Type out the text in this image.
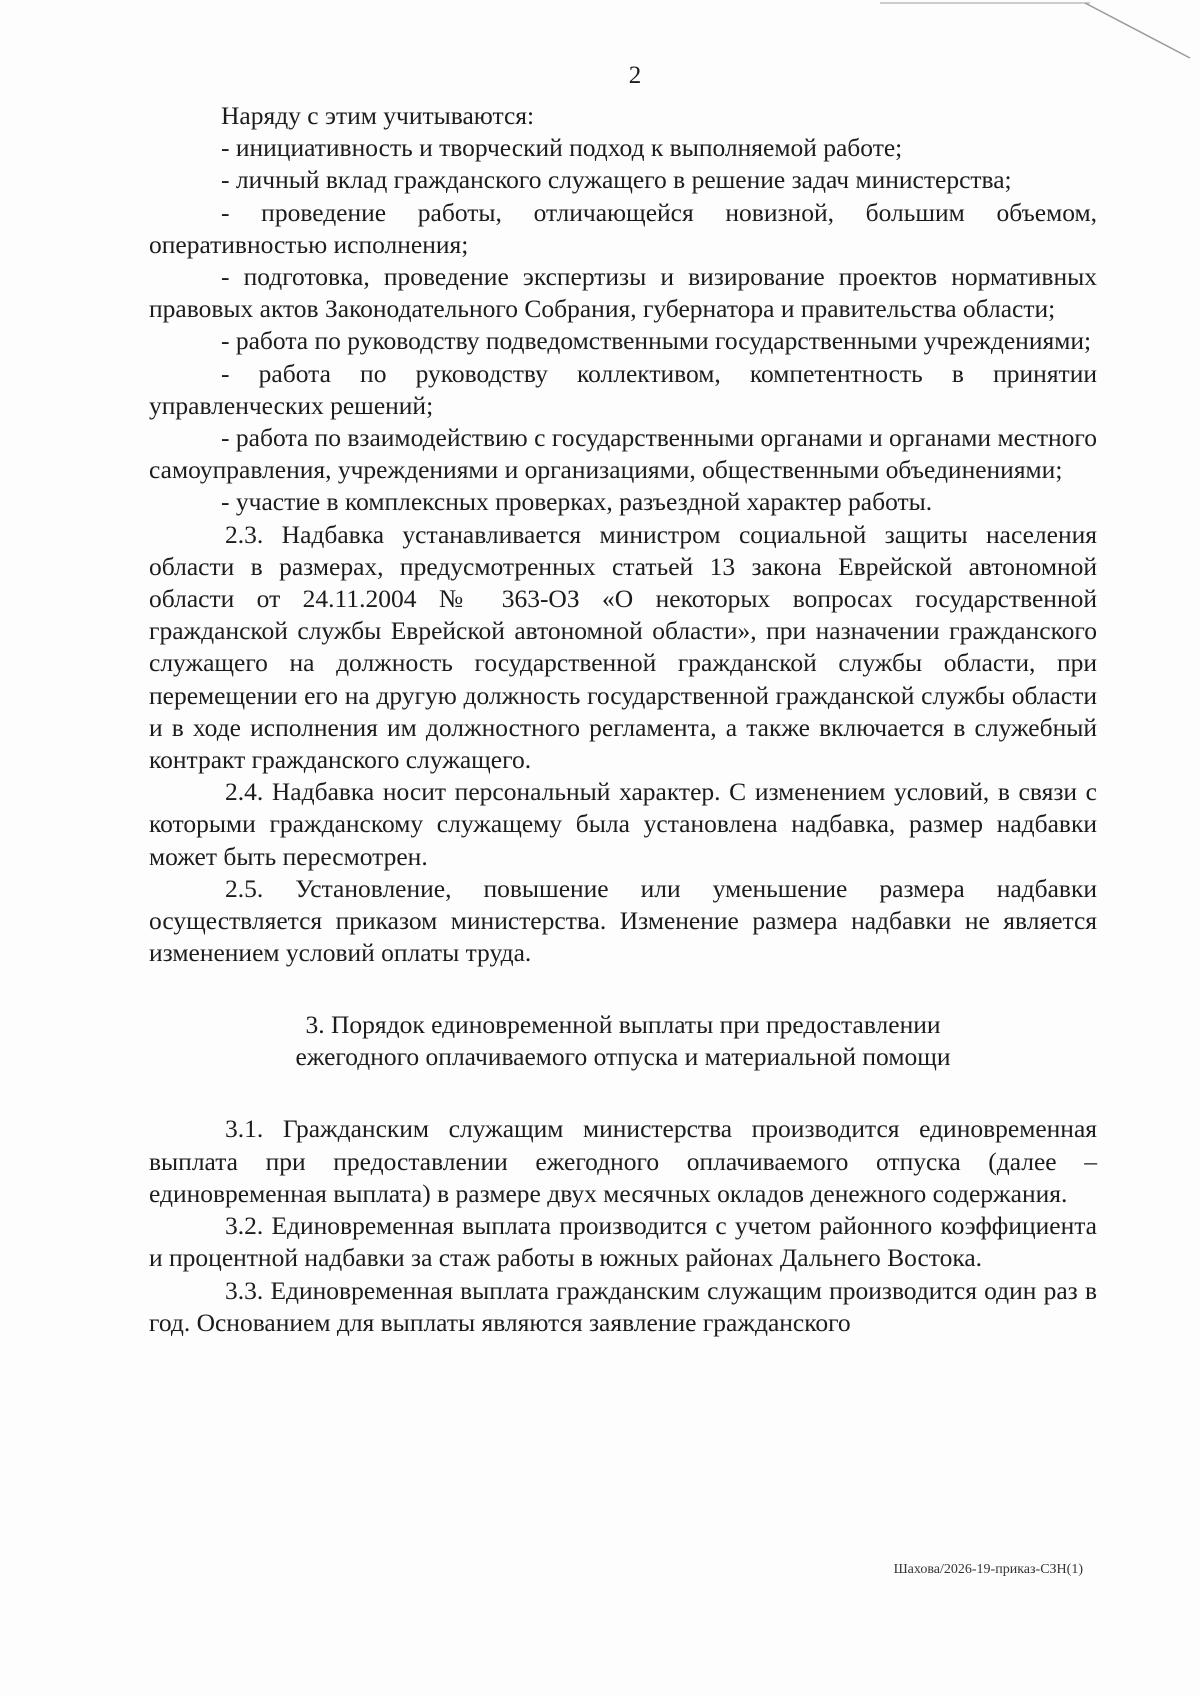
2

Наряду с этим учитываются:

- инициативность и творческий подход к выполняемой работе;

- личный вклад гражданского служащего в решение задач министерства;

- проведение работы, отличающейся новизной, большим объемом, оперативностью исполнения;

- подготовка, проведение экспертизы и визирование проектов нормативных правовых актов Законодательного Собрания, губернатора и правительства области;

- работа по руководству подведомственными государственными учреждениями;

- работа по руководству коллективом, компетентность в принятии управленческих решений;

- работа по взаимодействию с государственными органами и органами местного самоуправления, учреждениями и организациями, общественными объединениями;

- участие в комплексных проверках, разъездной характер работы.

2.3. Надбавка устанавливается министром социальной защиты населения области в размерах, предусмотренных статьей 13 закона Еврейской автономной области от 24.11.2004 № 363-ОЗ «О некоторых вопросах государственной гражданской службы Еврейской автономной области», при назначении гражданского служащего на должность государственной гражданской службы области, при перемещении его на другую должность государственной гражданской службы области и в ходе исполнения им должностного регламента, а также включается в служебный контракт гражданского служащего.

2.4. Надбавка носит персональный характер. С изменением условий, в связи с которыми гражданскому служащему была установлена надбавка, размер надбавки может быть пересмотрен.

2.5. Установление, повышение или уменьшение размера надбавки осуществляется приказом министерства. Изменение размера надбавки не является изменением условий оплаты труда.

3. Порядок единовременной выплаты при предоставлении
ежегодного оплачиваемого отпуска и материальной помощи

3.1. Гражданским служащим министерства производится единовременная выплата при предоставлении ежегодного оплачиваемого отпуска (далее – единовременная выплата) в размере двух месячных окладов денежного содержания.

3.2. Единовременная выплата производится с учетом районного коэффициента и процентной надбавки за стаж работы в южных районах Дальнего Востока.

3.3. Единовременная выплата гражданским служащим производится один раз в год. Основанием для выплаты являются заявление гражданского

Шахова/2026-19-приказ-СЗН(1)
